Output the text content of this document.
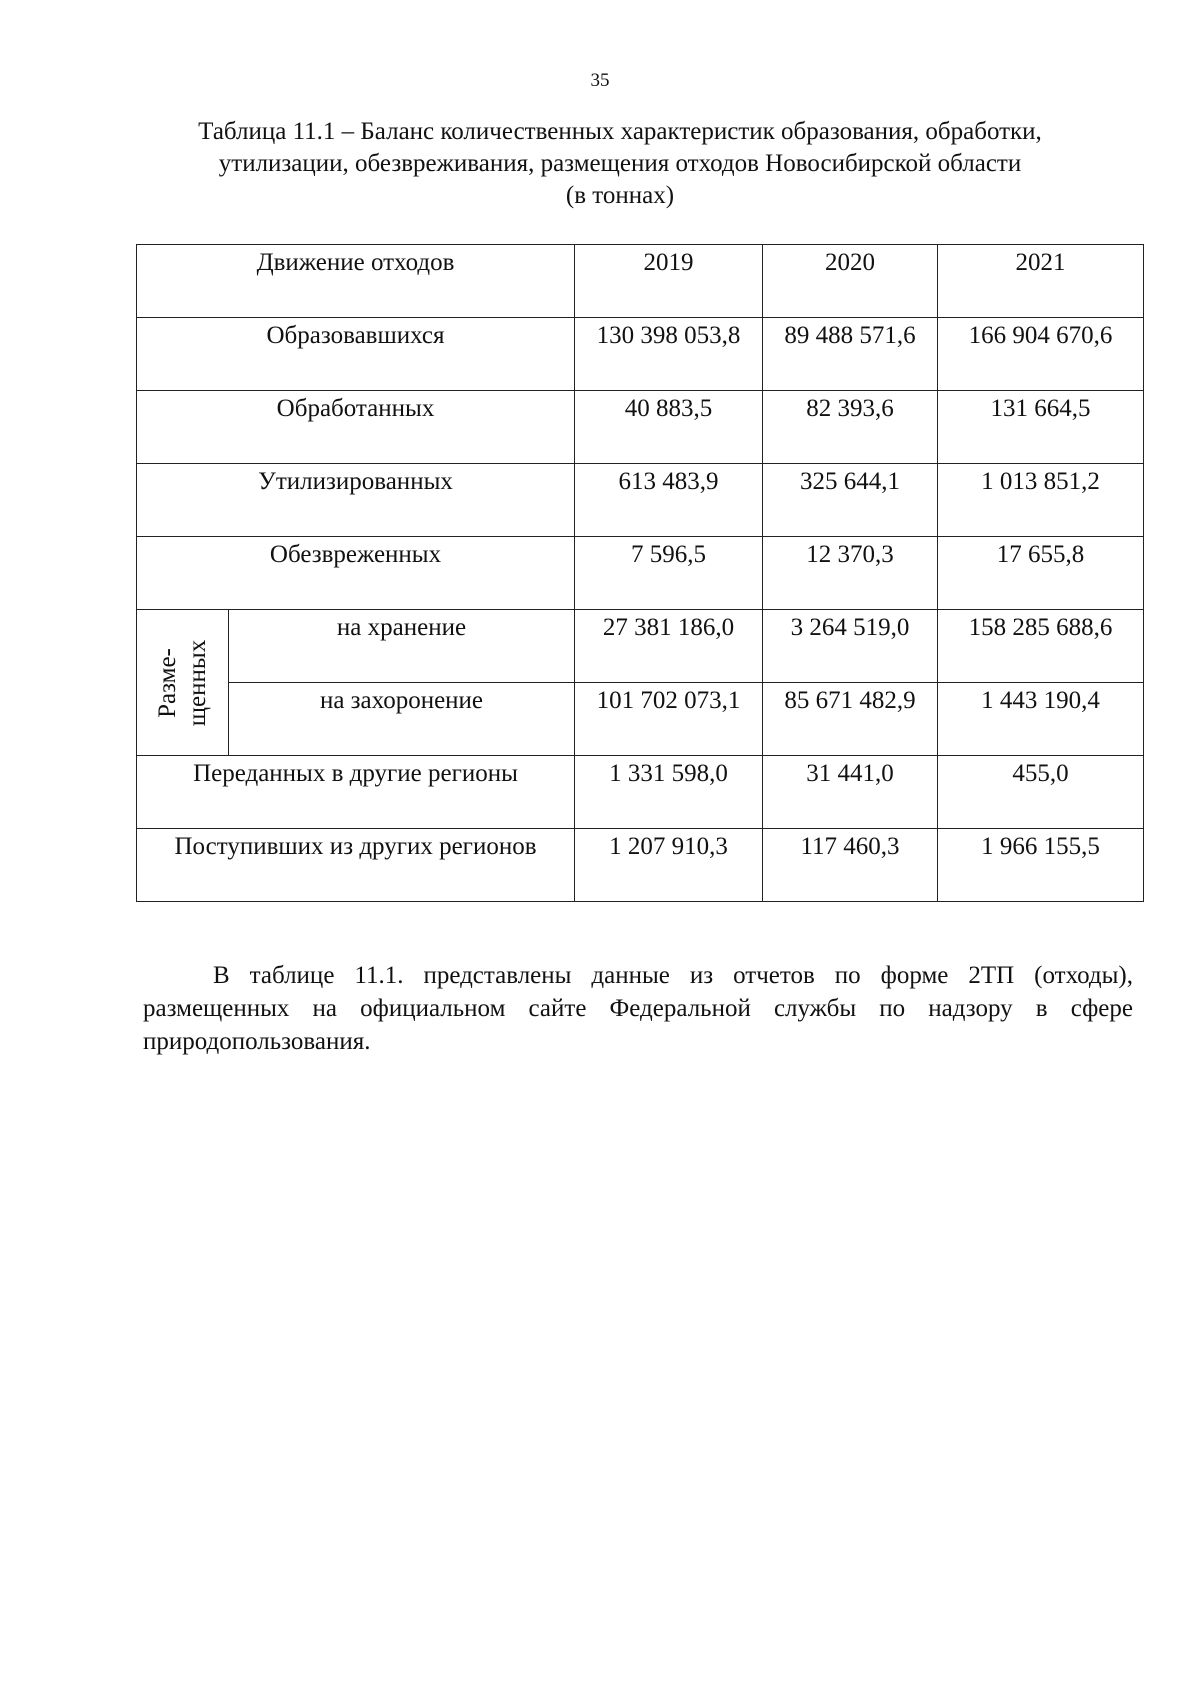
35
Таблица 11.1 – Баланс количественных характеристик образования, обработки,
утилизации, обезвреживания, размещения отходов Новосибирской области
(в тоннах)
Движение отходов		2019	2020	2021

Образовавшихся		130 398 053,8	89 488 571,6	166 904 670,6

Обработанных		40 883,5	82 393,6	131 664,5

Утилизированных		613 483,9	325 644,1	1 013 851,2

Обезвреженных		7 596,5	12 370,3	17 655,8

Разме- щенных	на хранение	27 381 186,0	3 264 519,0	158 285 688,6

	на захоронение	101 702 073,1	85 671 482,9	1 443 190,4

Переданных в другие регионы		1 331 598,0	31 441,0	455,0

Поступивших из других регионов		1 207 910,3	117 460,3	1 966 155,5

В таблице 11.1. представлены данные из отчетов по форме 2ТП (отходы), размещенных на официальном сайте Федеральной службы по надзору в сфере природопользования.
